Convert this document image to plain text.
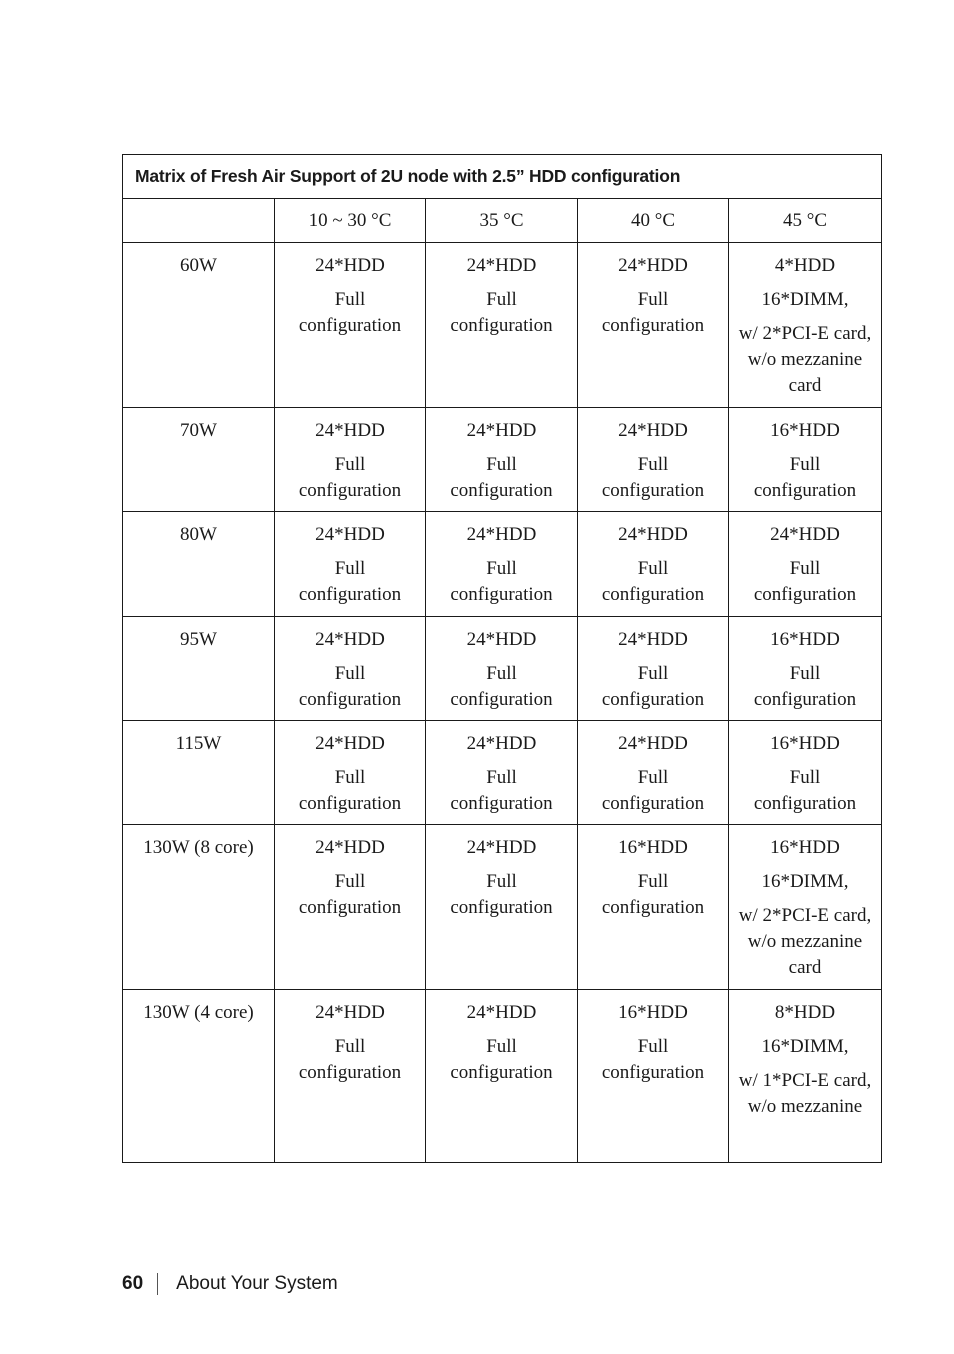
Matrix of Fresh Air Support of 2U node with 2.5” HDD configuration				
	10 ~ 30 °C	35 °C	40 °C	45 °C

60W	24*HDD
Full
configuration	24*HDD
Full
configuration	24*HDD
Full
configuration	4*HDD
16*DIMM,
w/ 2*PCI-E card,
w/o mezzanine
card

70W	24*HDD
Full
configuration	24*HDD
Full
configuration	24*HDD
Full
configuration	16*HDD
Full
configuration

80W	24*HDD
Full
configuration	24*HDD
Full
configuration	24*HDD
Full
configuration	24*HDD
Full
configuration

95W	24*HDD
Full
configuration	24*HDD
Full
configuration	24*HDD
Full
configuration	16*HDD
Full
configuration

115W	24*HDD
Full
configuration	24*HDD
Full
configuration	24*HDD
Full
configuration	16*HDD
Full
configuration

130W (8 core)	24*HDD
Full
configuration	24*HDD
Full
configuration	16*HDD
Full
configuration	16*HDD
16*DIMM,
w/ 2*PCI-E card,
w/o mezzanine
card

130W (4 core)	24*HDD
Full
configuration	24*HDD
Full
configuration	16*HDD
Full
configuration	8*HDD
16*DIMM,
w/ 1*PCI-E card,
w/o mezzanine
60 About Your System
